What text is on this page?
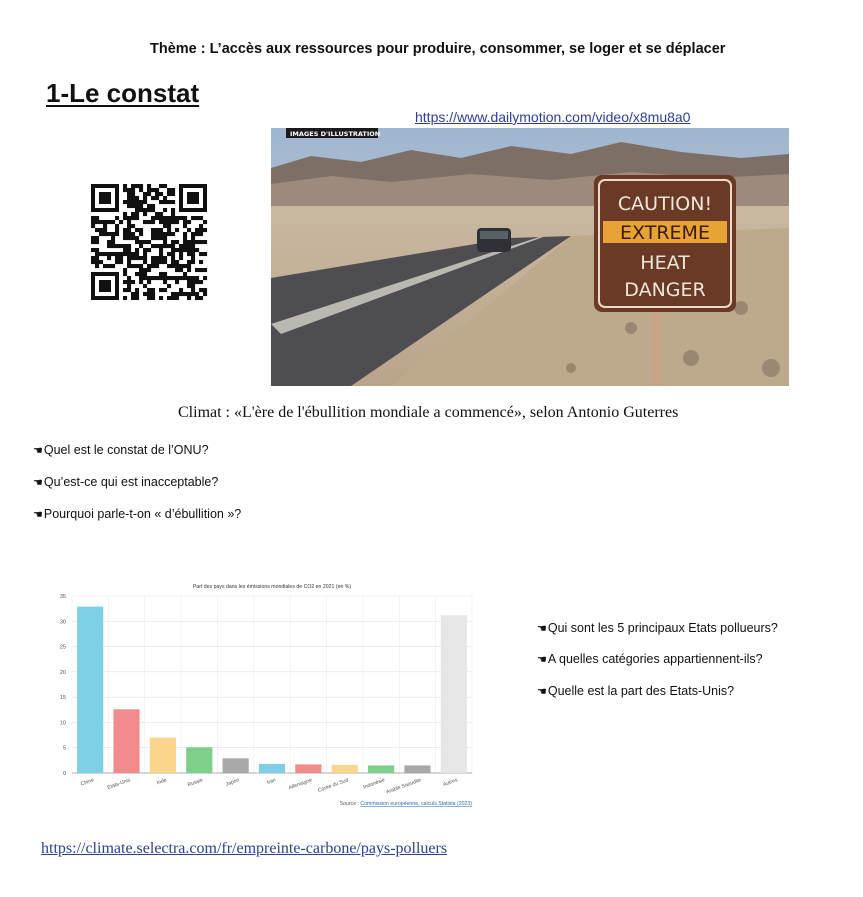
Thème : L’accès aux ressources pour produire, consommer, se loger et se déplacer
1-Le constat
https://www.dailymotion.com/video/x8mu8a0
CAUTION!
EXTREME
HEAT
DANGER
IMAGES D'ILLUSTRATION
Climat : «L'ère de l'ébullition mondiale a commencé», selon Antonio Guterres
☚Quel est le constat de l’ONU?
☚Qu’est-ce qui est inacceptable?
☚Pourquoi parle-t-on « d’ébullition »?
Part des pays dans les émissions mondiales de CO2 en 2021 (en %)
0
5
10
15
20
25
30
35
Chine Etats-Unis	Inde	Russie	Japon	Iran Allemagne Corée du Sud	Indonésie Arabie Saoudite	Autres
Source : Commission européenne, calculs Statista (2023)
☚Qui sont les 5 principaux Etats pollueurs?
☚A quelles catégories appartiennent-ils?
☚Quelle est la part des Etats-Unis?
https://climate.selectra.com/fr/empreinte-carbone/pays-polluers
